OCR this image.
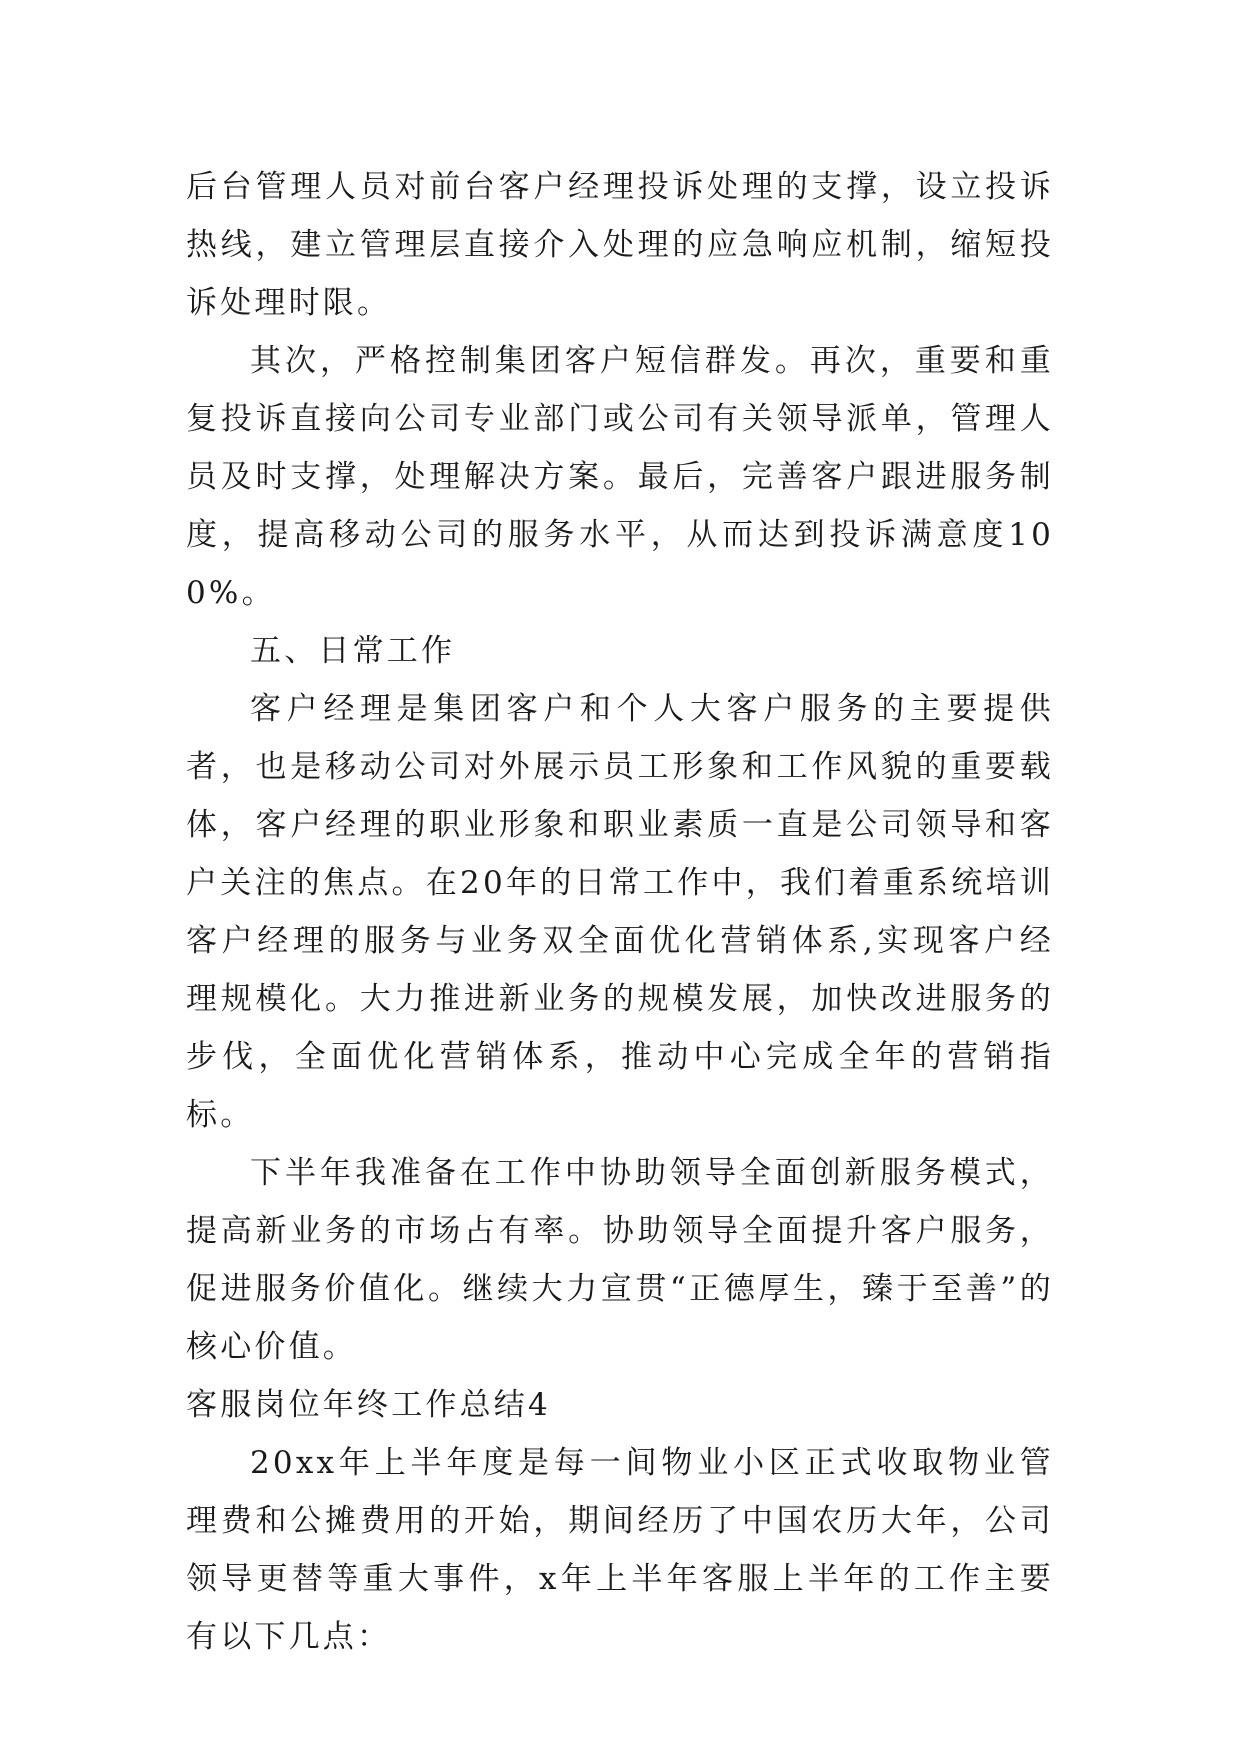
后台管理人员对前台客户经理投诉处理的支撑，设立投诉热线，建立管理层直接介入处理的应急响应机制，缩短投诉处理时限。

其次，严格控制集团客户短信群发。再次，重要和重复投诉直接向公司专业部门或公司有关领导派单，管理人员及时支撑，处理解决方案。最后，完善客户跟进服务制度，提高移动公司的服务水平，从而达到投诉满意度100%。

五、日常工作

客户经理是集团客户和个人大客户服务的主要提供者，也是移动公司对外展示员工形象和工作风貌的重要载体，客户经理的职业形象和职业素质一直是公司领导和客户关注的焦点。在20年的日常工作中，我们着重系统培训客户经理的服务与业务双全面优化营销体系,实现客户经理规模化。大力推进新业务的规模发展，加快改进服务的步伐，全面优化营销体系，推动中心完成全年的营销指标。

下半年我准备在工作中协助领导全面创新服务模式，提高新业务的市场占有率。协助领导全面提升客户服务，促进服务价值化。继续大力宣贯“正德厚生，臻于至善”的核心价值。

客服岗位年终工作总结4

20xx年上半年度是每一间物业小区正式收取物业管理费和公摊费用的开始，期间经历了中国农历大年，公司领导更替等重大事件，x年上半年客服上半年的工作主要有以下几点：
